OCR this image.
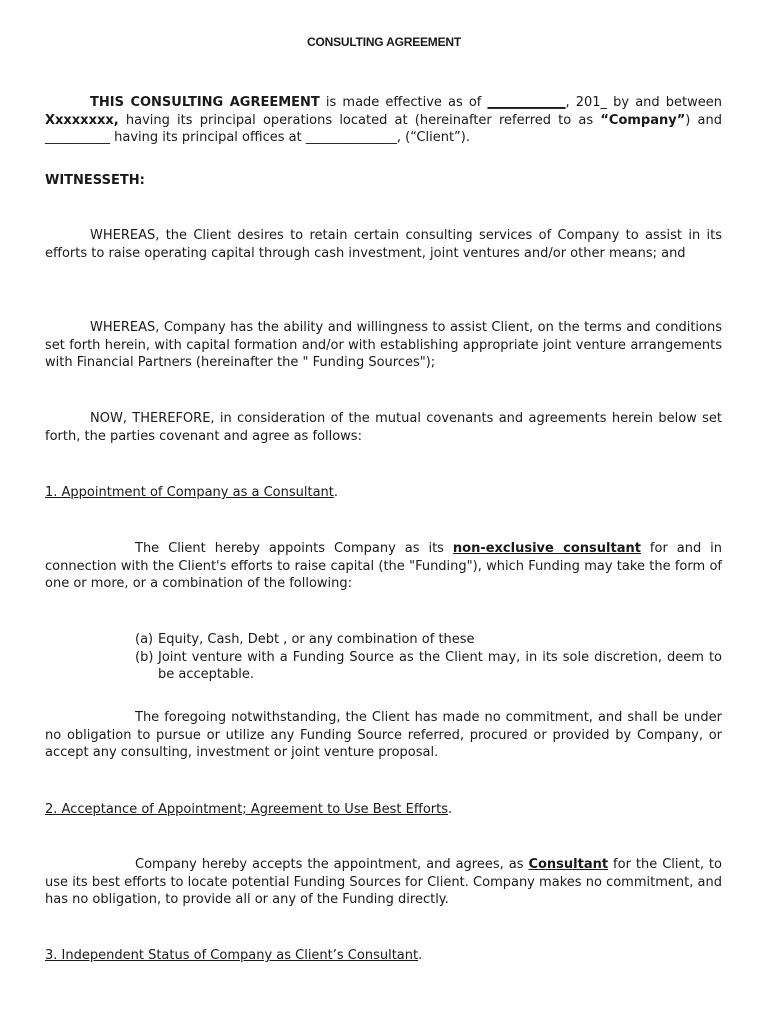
CONSULTING AGREEMENT
THIS CONSULTING AGREEMENT is made effective as of ____________, 201_ by and between Xxxxxxxx, having its principal operations located at (hereinafter referred to as “Company”) and __________ having its principal offices at ______________, (“Client”).
WITNESSETH:
WHEREAS, the Client desires to retain certain consulting services of Company to assist in its efforts to raise operating capital through cash investment, joint ventures and/or other means; and
WHEREAS, Company has the ability and willingness to assist Client, on the terms and conditions set forth herein, with capital formation and/or with establishing appropriate joint venture arrangements with Financial Partners (hereinafter the " Funding Sources");
NOW, THEREFORE, in consideration of the mutual covenants and agreements herein below set forth, the parties covenant and agree as follows:
1. Appointment of Company as a Consultant.
The Client hereby appoints Company as its non-exclusive consultant for and in connection with the Client's efforts to raise capital (the "Funding"), which Funding may take the form of one or more, or a combination of the following:
(a) Equity, Cash, Debt , or any combination of these
(b) Joint venture with a Funding Source as the Client may, in its sole discretion, deem to be acceptable.
The foregoing notwithstanding, the Client has made no commitment, and shall be under no obligation to pursue or utilize any Funding Source referred, procured or provided by Company, or accept any consulting, investment or joint venture proposal.
2. Acceptance of Appointment; Agreement to Use Best Efforts.
Company hereby accepts the appointment, and agrees, as Consultant for the Client, to use its best efforts to locate potential Funding Sources for Client. Company makes no commitment, and has no obligation, to provide all or any of the Funding directly.
3. Independent Status of Company as Client’s Consultant.
